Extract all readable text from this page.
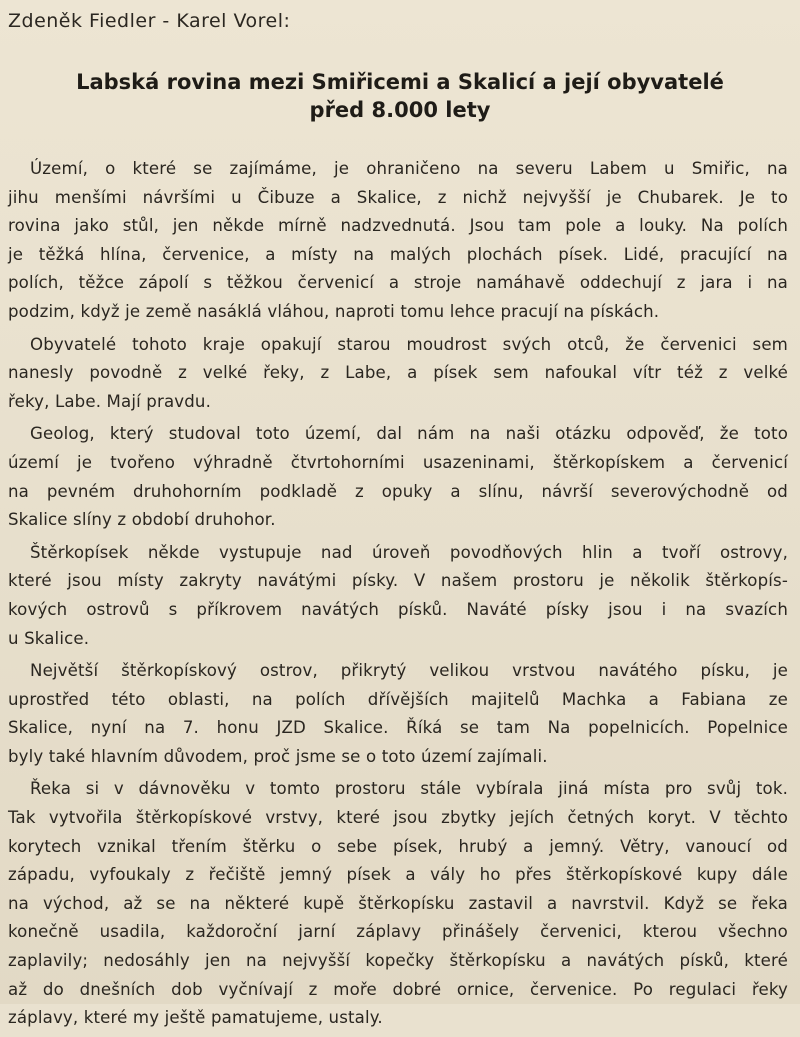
Zdeněk Fiedler - Karel Vorel:
Labská rovina mezi Smiřicemi a Skalicí a její obyvatelé
před 8.000 lety
Území, o které se zajímáme, je ohraničeno na severu Labem u Smiřic, na
jihu menšími návršími u Čibuze a Skalice, z nichž nejvyšší je Chubarek. Je to
rovina jako stůl, jen někde mírně nadzvednutá. Jsou tam pole a louky. Na polích
je těžká hlína, červenice, a místy na malých plochách písek. Lidé, pracující na
polích, těžce zápolí s těžkou červenicí a stroje namáhavě oddechují z jara i na
podzim, když je země nasáklá vláhou, naproti tomu lehce pracují na pískách.
Obyvatelé tohoto kraje opakují starou moudrost svých otců, že červenici sem
nanesly povodně z velké řeky, z Labe, a písek sem nafoukal vítr též z velké
řeky, Labe. Mají pravdu.
Geolog, který studoval toto území, dal nám na naši otázku odpověď, že toto
území je tvořeno výhradně čtvrtohorními usazeninami, štěrkopískem a červenicí
na pevném druhohorním podkladě z opuky a slínu, návrší severovýchodně od
Skalice slíny z období druhohor.
Štěrkopísek někde vystupuje nad úroveň povodňových hlin a tvoří ostrovy,
které jsou místy zakryty navátými písky. V našem prostoru je několik štěrkopís-
kových ostrovů s příkrovem navátých písků. Naváté písky jsou i na svazích
u Skalice.
Největší štěrkopískový ostrov, přikrytý velikou vrstvou navátého písku, je
uprostřed této oblasti, na polích dřívějších majitelů Machka a Fabiana ze
Skalice, nyní na 7. honu JZD Skalice. Říká se tam Na popelnicích. Popelnice
byly také hlavním důvodem, proč jsme se o toto území zajímali.
Řeka si v dávnověku v tomto prostoru stále vybírala jiná místa pro svůj tok.
Tak vytvořila štěrkopískové vrstvy, které jsou zbytky jejích četných koryt. V těchto
korytech vznikal třením štěrku o sebe písek, hrubý a jemný. Větry, vanoucí od
západu, vyfoukaly z řečiště jemný písek a vály ho přes štěrkopískové kupy dále
na východ, až se na některé kupě štěrkopísku zastavil a navrstvil. Když se řeka
konečně usadila, každoroční jarní záplavy přinášely červenici, kterou všechno
zaplavily; nedosáhly jen na nejvyšší kopečky štěrkopísku a navátých písků, které
až do dnešních dob vyčnívají z moře dobré ornice, červenice. Po regulaci řeky
záplavy, které my ještě pamatujeme, ustaly.
